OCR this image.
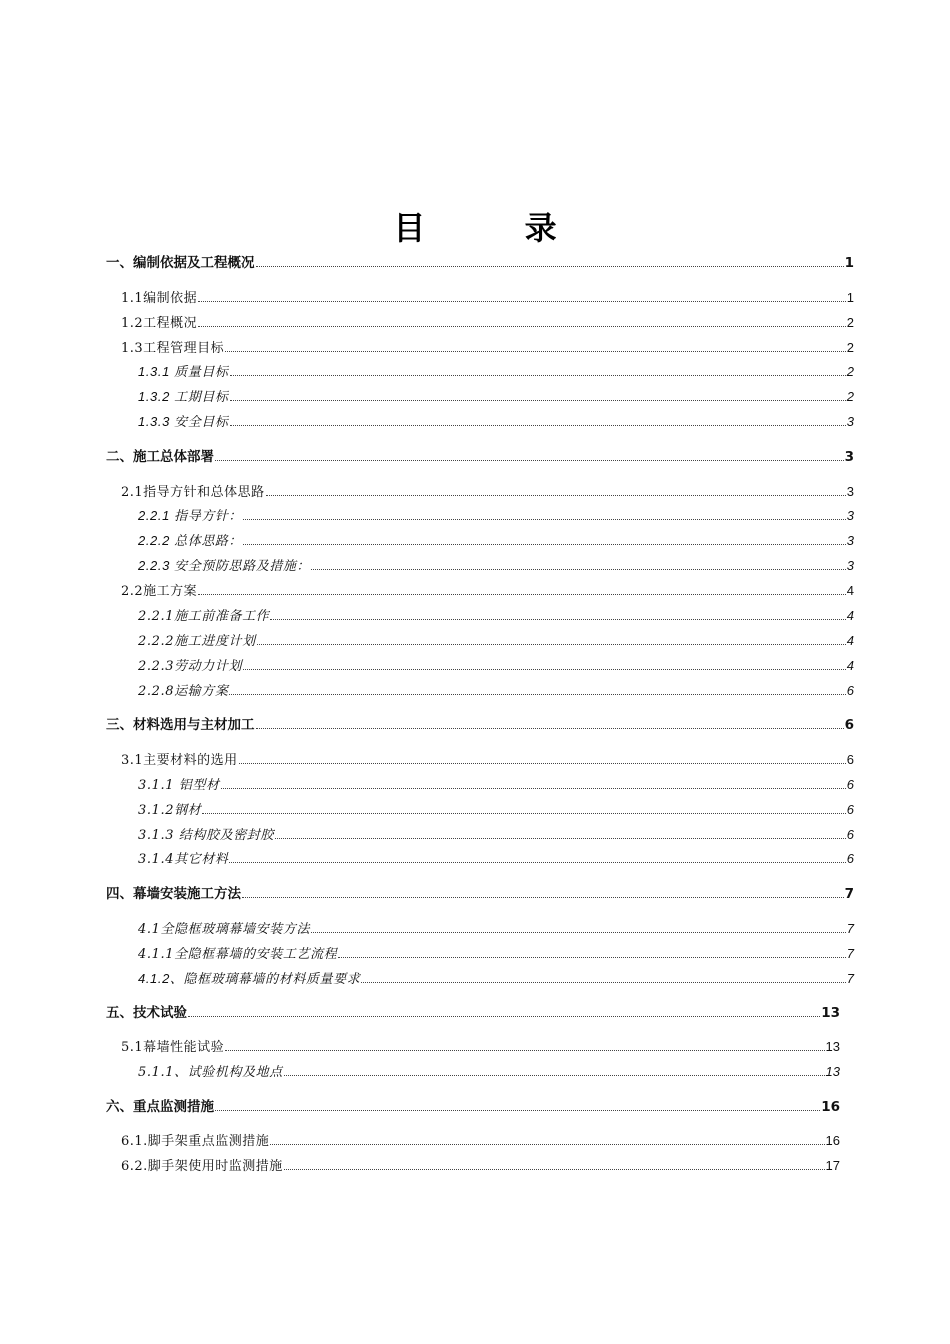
目 录
一、编制依据及工程概况	1
1.1编制依据	1
1.2工程概况	2
1.3工程管理目标	2
1.3.1 质量目标	2
1.3.2 工期目标	2
1.3.3 安全目标	3
二、施工总体部署	3
2.1指导方针和总体思路	3
2.2.1 指导方针：	3
2.2.2 总体思路：	3
2.2.3 安全预防思路及措施：	3
2.2施工方案	4
2.2.1施工前准备工作	4
2.2.2施工进度计划	4
2.2.3劳动力计划	4
2.2.8运输方案	6
三、材料选用与主材加工	6
3.1主要材料的选用	6
3.1.1 铝型材	6
3.1.2钢材	6
3.1.3 结构胶及密封胶	6
3.1.4其它材料	6
四、幕墙安装施工方法	7
4.1全隐框玻璃幕墙安装方法	7
4.1.1全隐框幕墙的安装工艺流程	7
4.1.2、隐框玻璃幕墙的材料质量要求	7
五、技术试验	13
5.1幕墙性能试验	13
5.1.1、试验机构及地点	13
六、重点监测措施	16
6.1.脚手架重点监测措施	16
6.2.脚手架使用时监测措施	17
